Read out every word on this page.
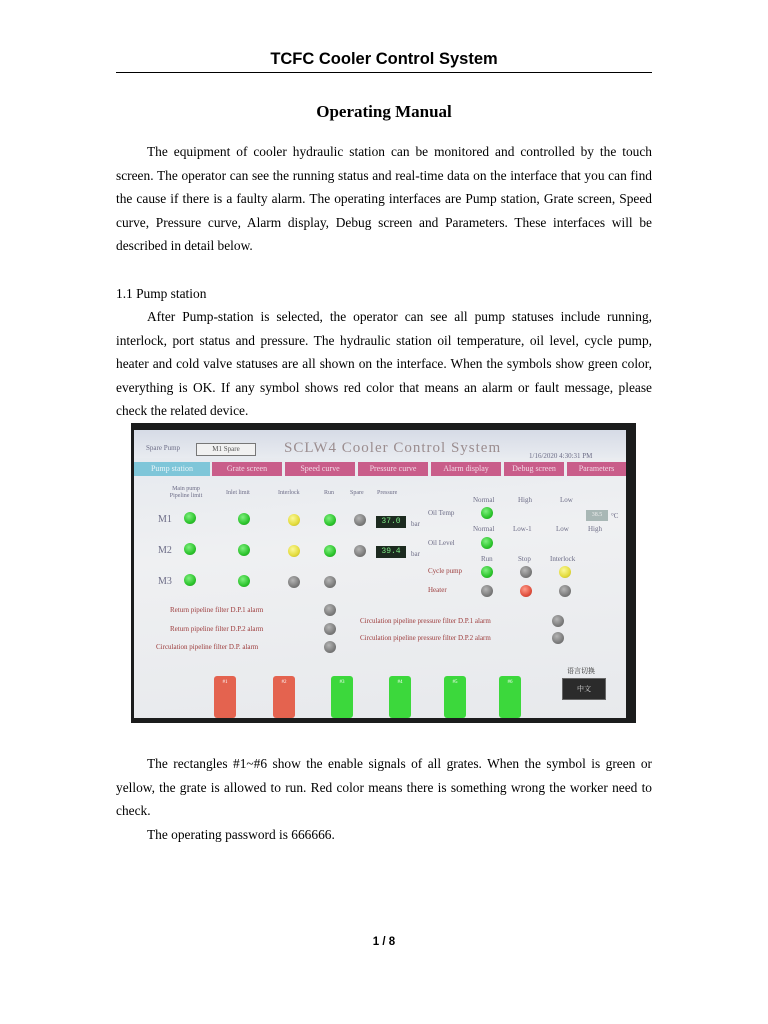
TCFC Cooler Control System
Operating Manual

The equipment of cooler hydraulic station can be monitored and controlled by the touch screen. The operator can see the running status and real-time data on the interface that you can find the cause if there is a faulty alarm. The operating interfaces are Pump station, Grate screen, Speed curve, Pressure curve, Alarm display, Debug screen and Parameters. These interfaces will be described in detail below.

1.1 Pump station

After Pump-station is selected, the operator can see all pump statuses include running, interlock, port status and pressure. The hydraulic station oil temperature, oil level, cycle pump, heater and cold valve statuses are all shown on the interface. When the symbols show green color, everything is OK. If any symbol shows red color that means an alarm or fault message, please check the related device.

Spare Pump	M1 Spare	SCLW4 Cooler Control System	1/16/2020 4:30:31 PM
Pump station	Grate screen	Speed curve	Pressure curve	Alarm display	Debug screen	Parameters
Main pump Pipeline limit	Inlet limit	Interlock	Run	Spare Pressure
M1	37.0	bar
M2	39.4	bar
M3
Normal	High	Low
Oil Temp	38.5	°C
Normal	Low-1	Low	High
Oil Level
Run	Stop	Interlock
Cycle pump
Heater
Return pipeline filter D.P.1 alarm
Return pipeline filter D.P.2 alarm
Circulation pipeline filter D.P. alarm
Circulation pipeline pressure filter D.P.1 alarm
Circulation pipeline pressure filter D.P.2 alarm
#1	#2	#3	#4	#5	#6
语言切换
中文

The rectangles #1~#6 show the enable signals of all grates. When the symbol is green or yellow, the grate is allowed to run. Red color means there is something wrong the worker need to check.

The operating password is 666666.

1 / 8
